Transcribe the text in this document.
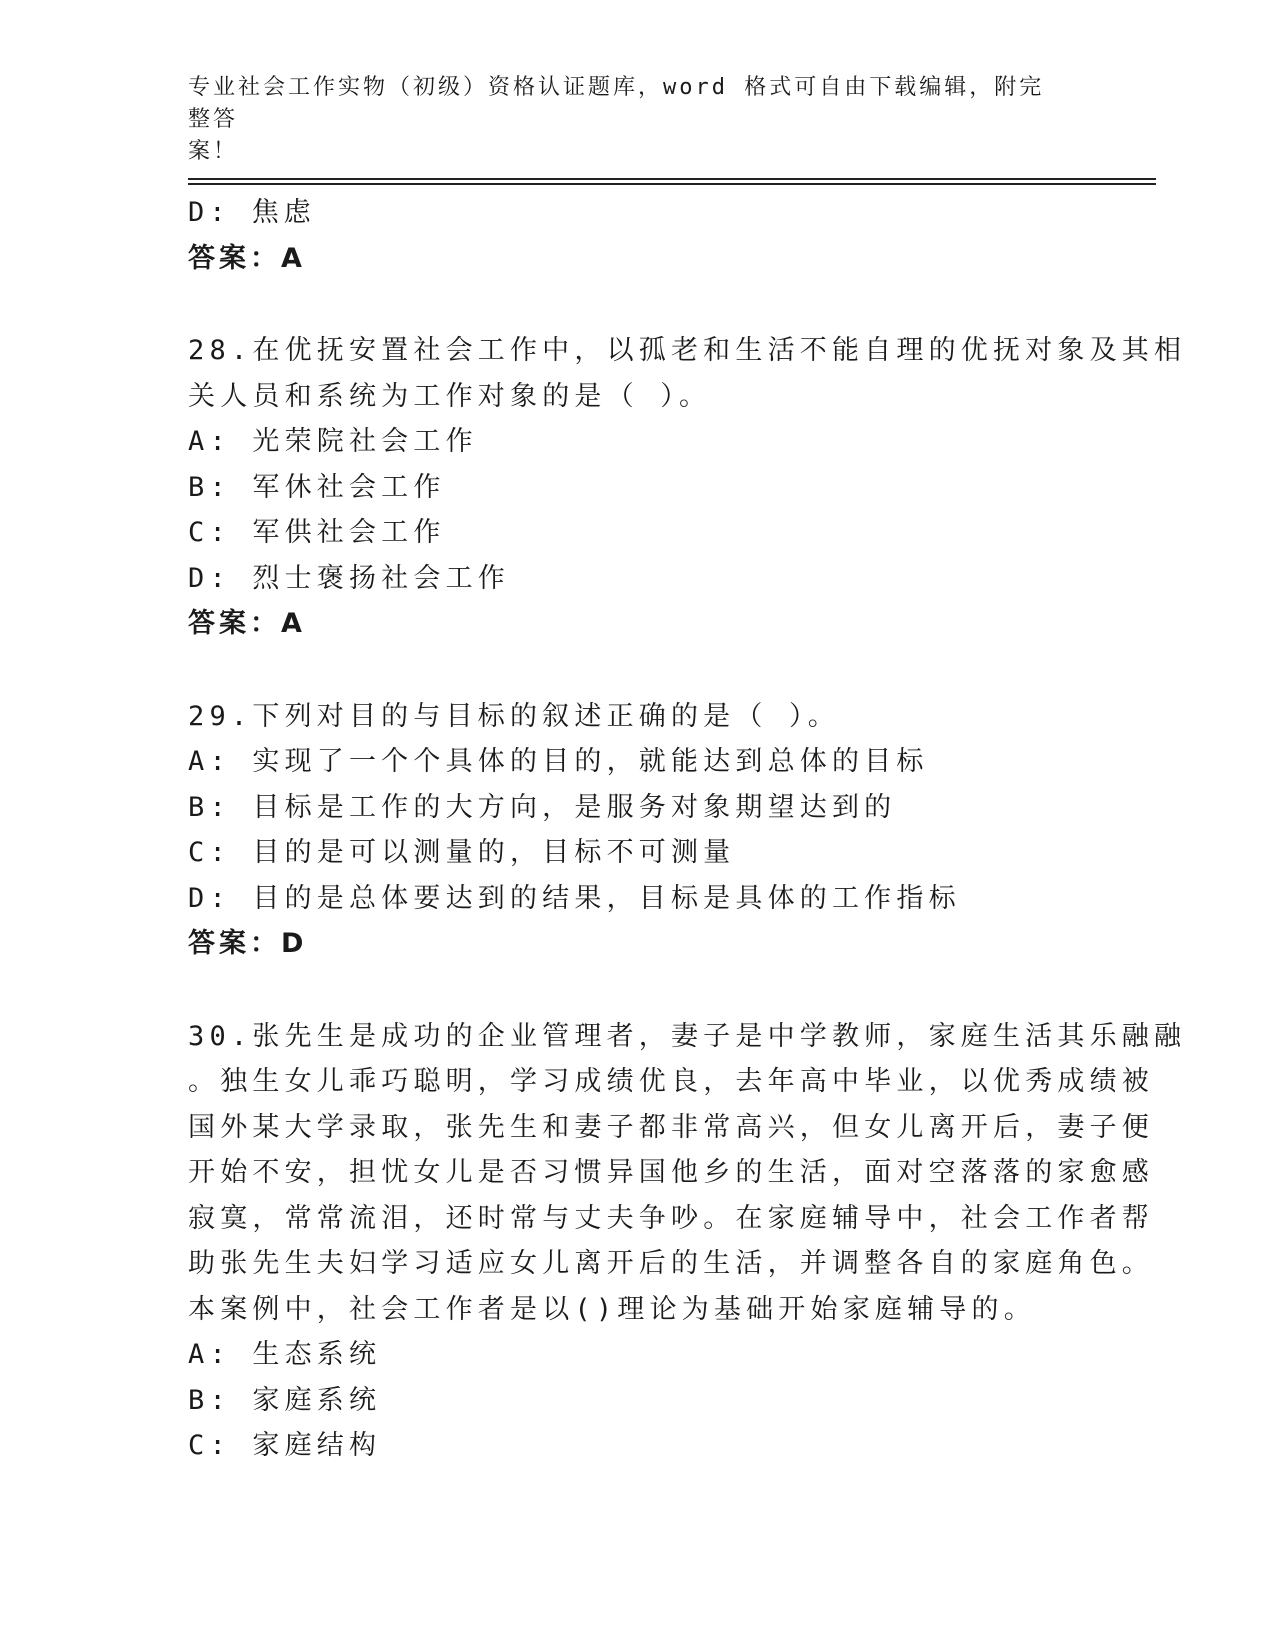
专业社会工作实物（初级）资格认证题库，word 格式可自由下载编辑，附完整答
案！
D: 焦虑
答案：A
28.在优抚安置社会工作中，以孤老和生活不能自理的优抚对象及其相
关人员和系统为工作对象的是（ ）。
A: 光荣院社会工作
B: 军休社会工作
C: 军供社会工作
D: 烈士褒扬社会工作
答案：A
29.下列对目的与目标的叙述正确的是（ ）。
A: 实现了一个个具体的目的，就能达到总体的目标
B: 目标是工作的大方向，是服务对象期望达到的
C: 目的是可以测量的，目标不可测量
D: 目的是总体要达到的结果，目标是具体的工作指标
答案：D
30.张先生是成功的企业管理者，妻子是中学教师，家庭生活其乐融融
。独生女儿乖巧聪明，学习成绩优良，去年高中毕业，以优秀成绩被
国外某大学录取，张先生和妻子都非常高兴，但女儿离开后，妻子便
开始不安，担忧女儿是否习惯异国他乡的生活，面对空落落的家愈感
寂寞，常常流泪，还时常与丈夫争吵。在家庭辅导中，社会工作者帮
助张先生夫妇学习适应女儿离开后的生活，并调整各自的家庭角色。
本案例中，社会工作者是以()理论为基础开始家庭辅导的。
A: 生态系统
B: 家庭系统
C: 家庭结构
